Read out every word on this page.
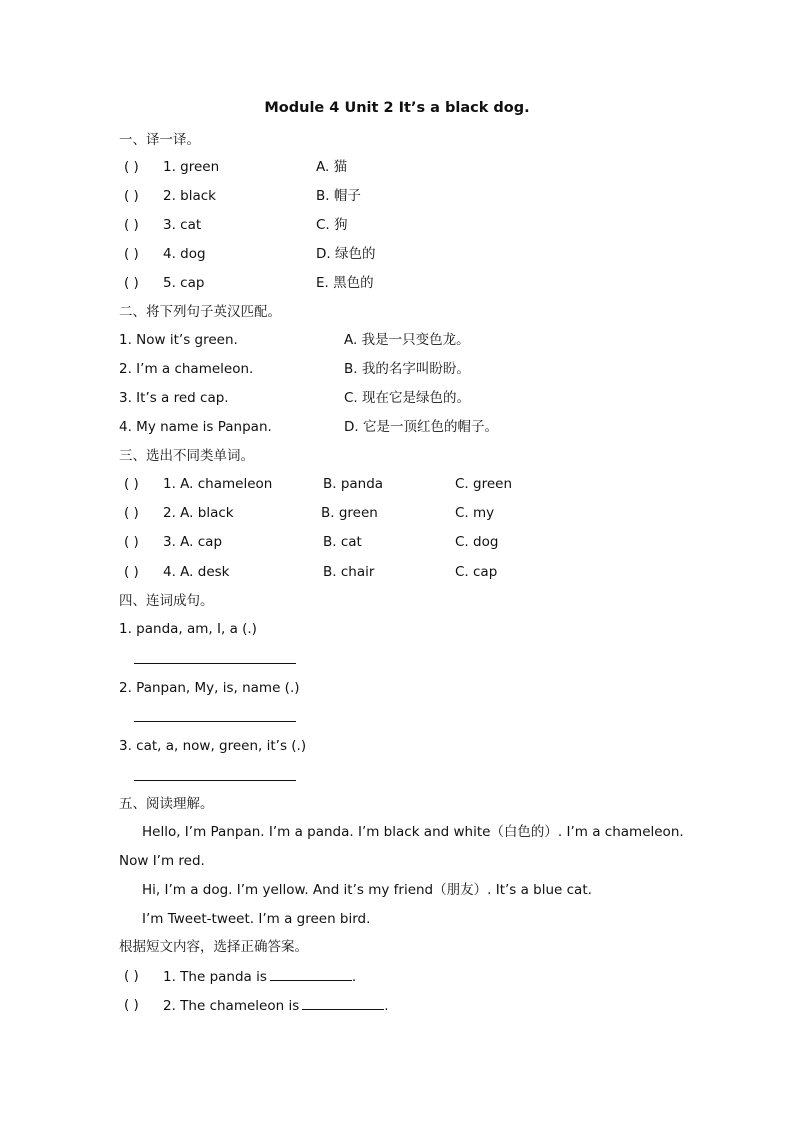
Module 4 Unit 2 It’s a black dog.
一、译一译。
( ) 1. green	A. 猫
( ) 2. black	B. 帽子
( ) 3. cat	C. 狗
( ) 4. dog	D. 绿色的
( ) 5. cap	E. 黑色的
二、将下列句子英汉匹配。
1. Now it’s green.	A. 我是一只变色龙。
2. I’m a chameleon.	B. 我的名字叫盼盼。
3. It’s a red cap.	C. 现在它是绿色的。
4. My name is Panpan.	D. 它是一顶红色的帽子。
三、选出不同类单词。
( ) 1. A. chameleon	B. panda	C. green
( ) 2. A. black	B. green	C. my
( ) 3. A. cap	B. cat	C. dog
( ) 4. A. desk	B. chair	C. cap
四、连词成句。
1. panda, am, I, a (.)
2. Panpan, My, is, name (.)
3. cat, a, now, green, it’s (.)
五、阅读理解。
Hello, I’m Panpan. I’m a panda. I’m black and white（白色的）. I’m a chameleon.
Now I’m red.
Hi, I’m a dog. I’m yellow. And it’s my friend（朋友）. It’s a blue cat.
I’m Tweet-tweet. I’m a green bird.
根据短文内容，选择正确答案。
( ) 1. The panda is	.
( ) 2. The chameleon is	.
